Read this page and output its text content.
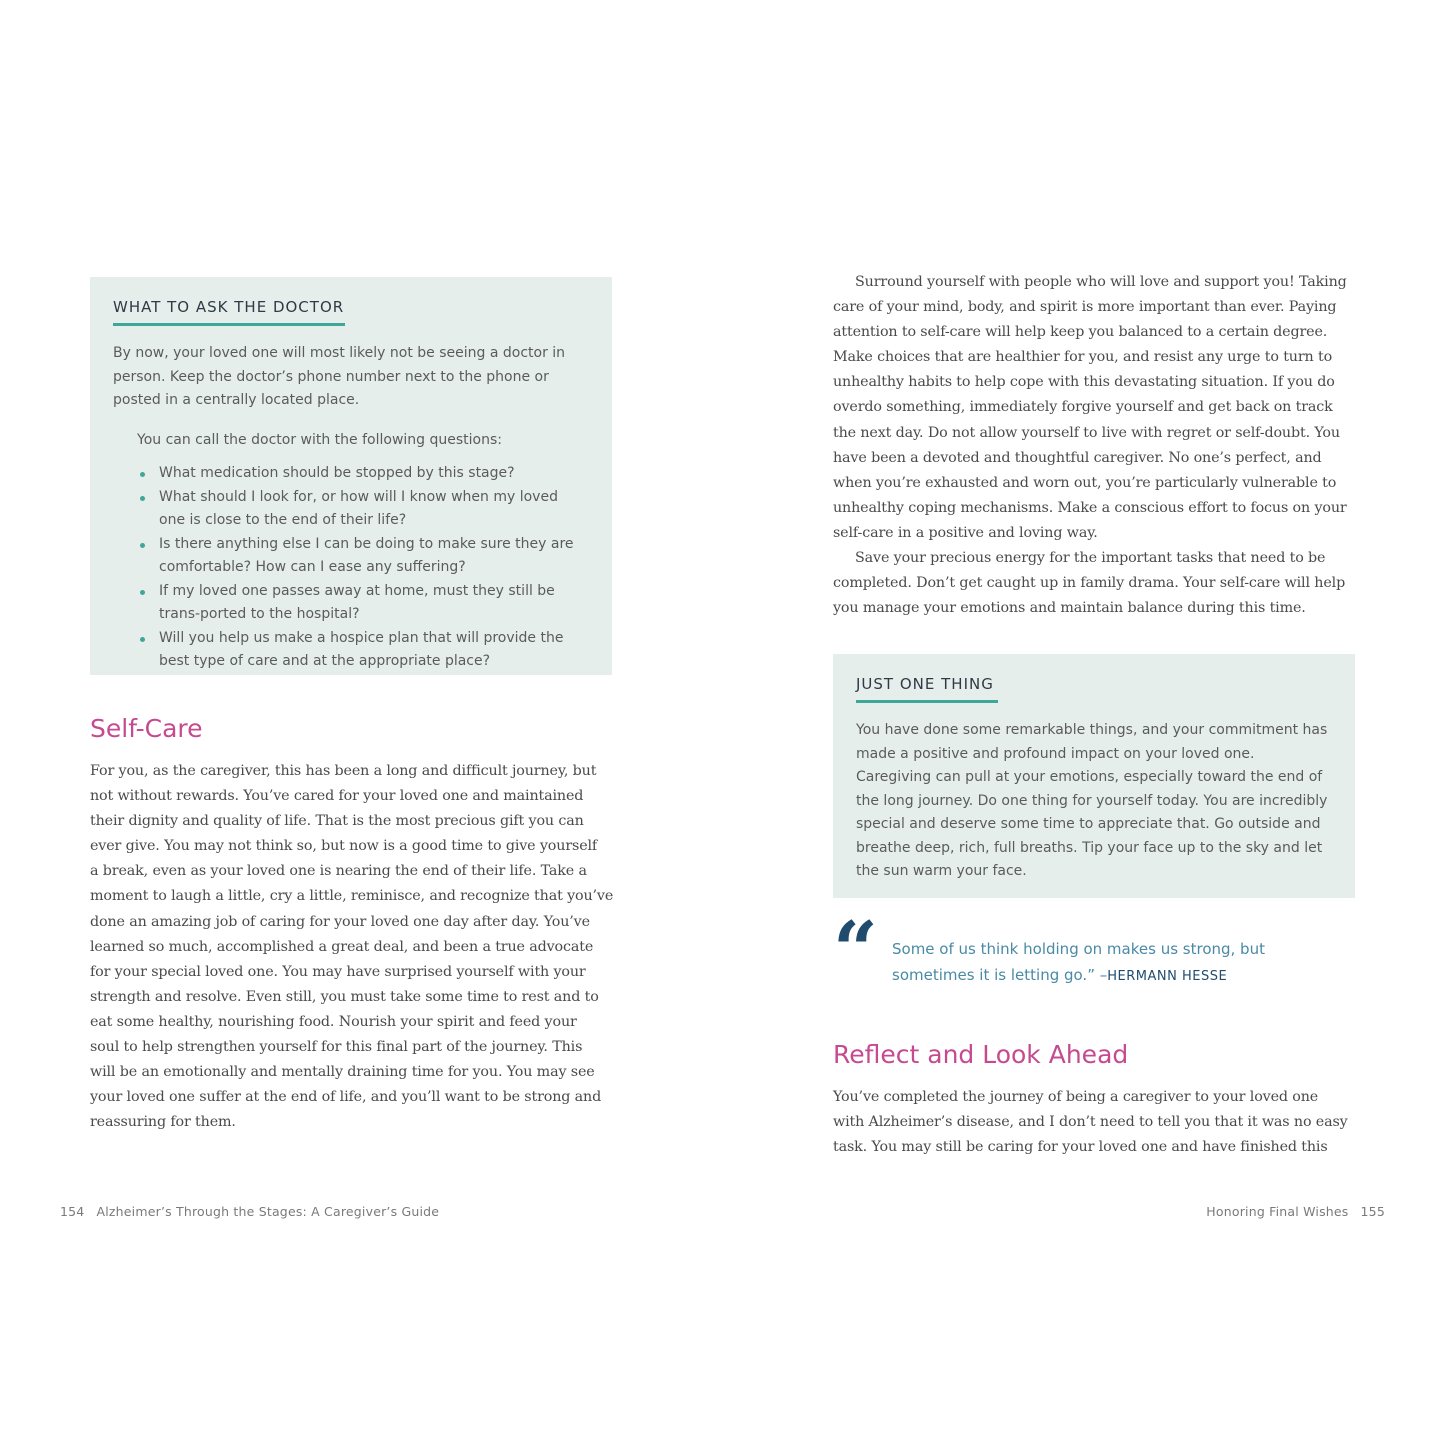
WHAT TO ASK THE DOCTOR

By now, your loved one will most likely not be seeing a doctor in person. Keep the doctor’s phone number next to the phone or posted in a centrally located place.

You can call the doctor with the following questions:

What medication should be stopped by this stage?
What should I look for, or how will I know when my loved one is close to the end of their life?
Is there anything else I can be doing to make sure they are comfortable? How can I ease any suffering?
If my loved one passes away at home, must they still be trans-ported to the hospital?
Will you help us make a hospice plan that will provide the best type of care and at the appropriate place?
Self-Care

For you, as the caregiver, this has been a long and difficult journey, but
not without rewards. You’ve cared for your loved one and maintained
their dignity and quality of life. That is the most precious gift you can
ever give. You may not think so, but now is a good time to give yourself
a break, even as your loved one is nearing the end of their life. Take a
moment to laugh a little, cry a little, reminisce, and recognize that you’ve
done an amazing job of caring for your loved one day after day. You’ve
learned so much, accomplished a great deal, and been a true advocate
for your special loved one. You may have surprised yourself with your
strength and resolve. Even still, you must take some time to rest and to
eat some healthy, nourishing food. Nourish your spirit and feed your
soul to help strengthen yourself for this final part of the journey. This
will be an emotionally and mentally draining time for you. You may see
your loved one suffer at the end of life, and you’ll want to be strong and
reassuring for them.

154 Alzheimer’s Through the Stages: A Caregiver’s Guide

Surround yourself with people who will love and support you! Taking
care of your mind, body, and spirit is more important than ever. Paying
attention to self-care will help keep you balanced to a certain degree.
Make choices that are healthier for you, and resist any urge to turn to
unhealthy habits to help cope with this devastating situation. If you do
overdo something, immediately forgive yourself and get back on track
the next day. Do not allow yourself to live with regret or self-doubt. You
have been a devoted and thoughtful caregiver. No one’s perfect, and
when you’re exhausted and worn out, you’re particularly vulnerable to
unhealthy coping mechanisms. Make a conscious effort to focus on your
self-care in a positive and loving way.
Save your precious energy for the important tasks that need to be
completed. Don’t get caught up in family drama. Your self-care will help
you manage your emotions and maintain balance during this time.

JUST ONE THING

You have done some remarkable things, and your commitment has made a positive and profound impact on your loved one. Caregiving can pull at your emotions, especially toward the end of the long journey. Do one thing for yourself today. You are incredibly special and deserve some time to appreciate that. Go outside and breathe deep, rich, full breaths. Tip your face up to the sky and let the sun warm your face.

“ Some of us think holding on makes us strong, but sometimes it is letting go.” –HERMANN HESSE

Reflect and Look Ahead

You’ve completed the journey of being a caregiver to your loved one
with Alzheimer’s disease, and I don’t need to tell you that it was no easy
task. You may still be caring for your loved one and have finished this

Honoring Final Wishes 155
